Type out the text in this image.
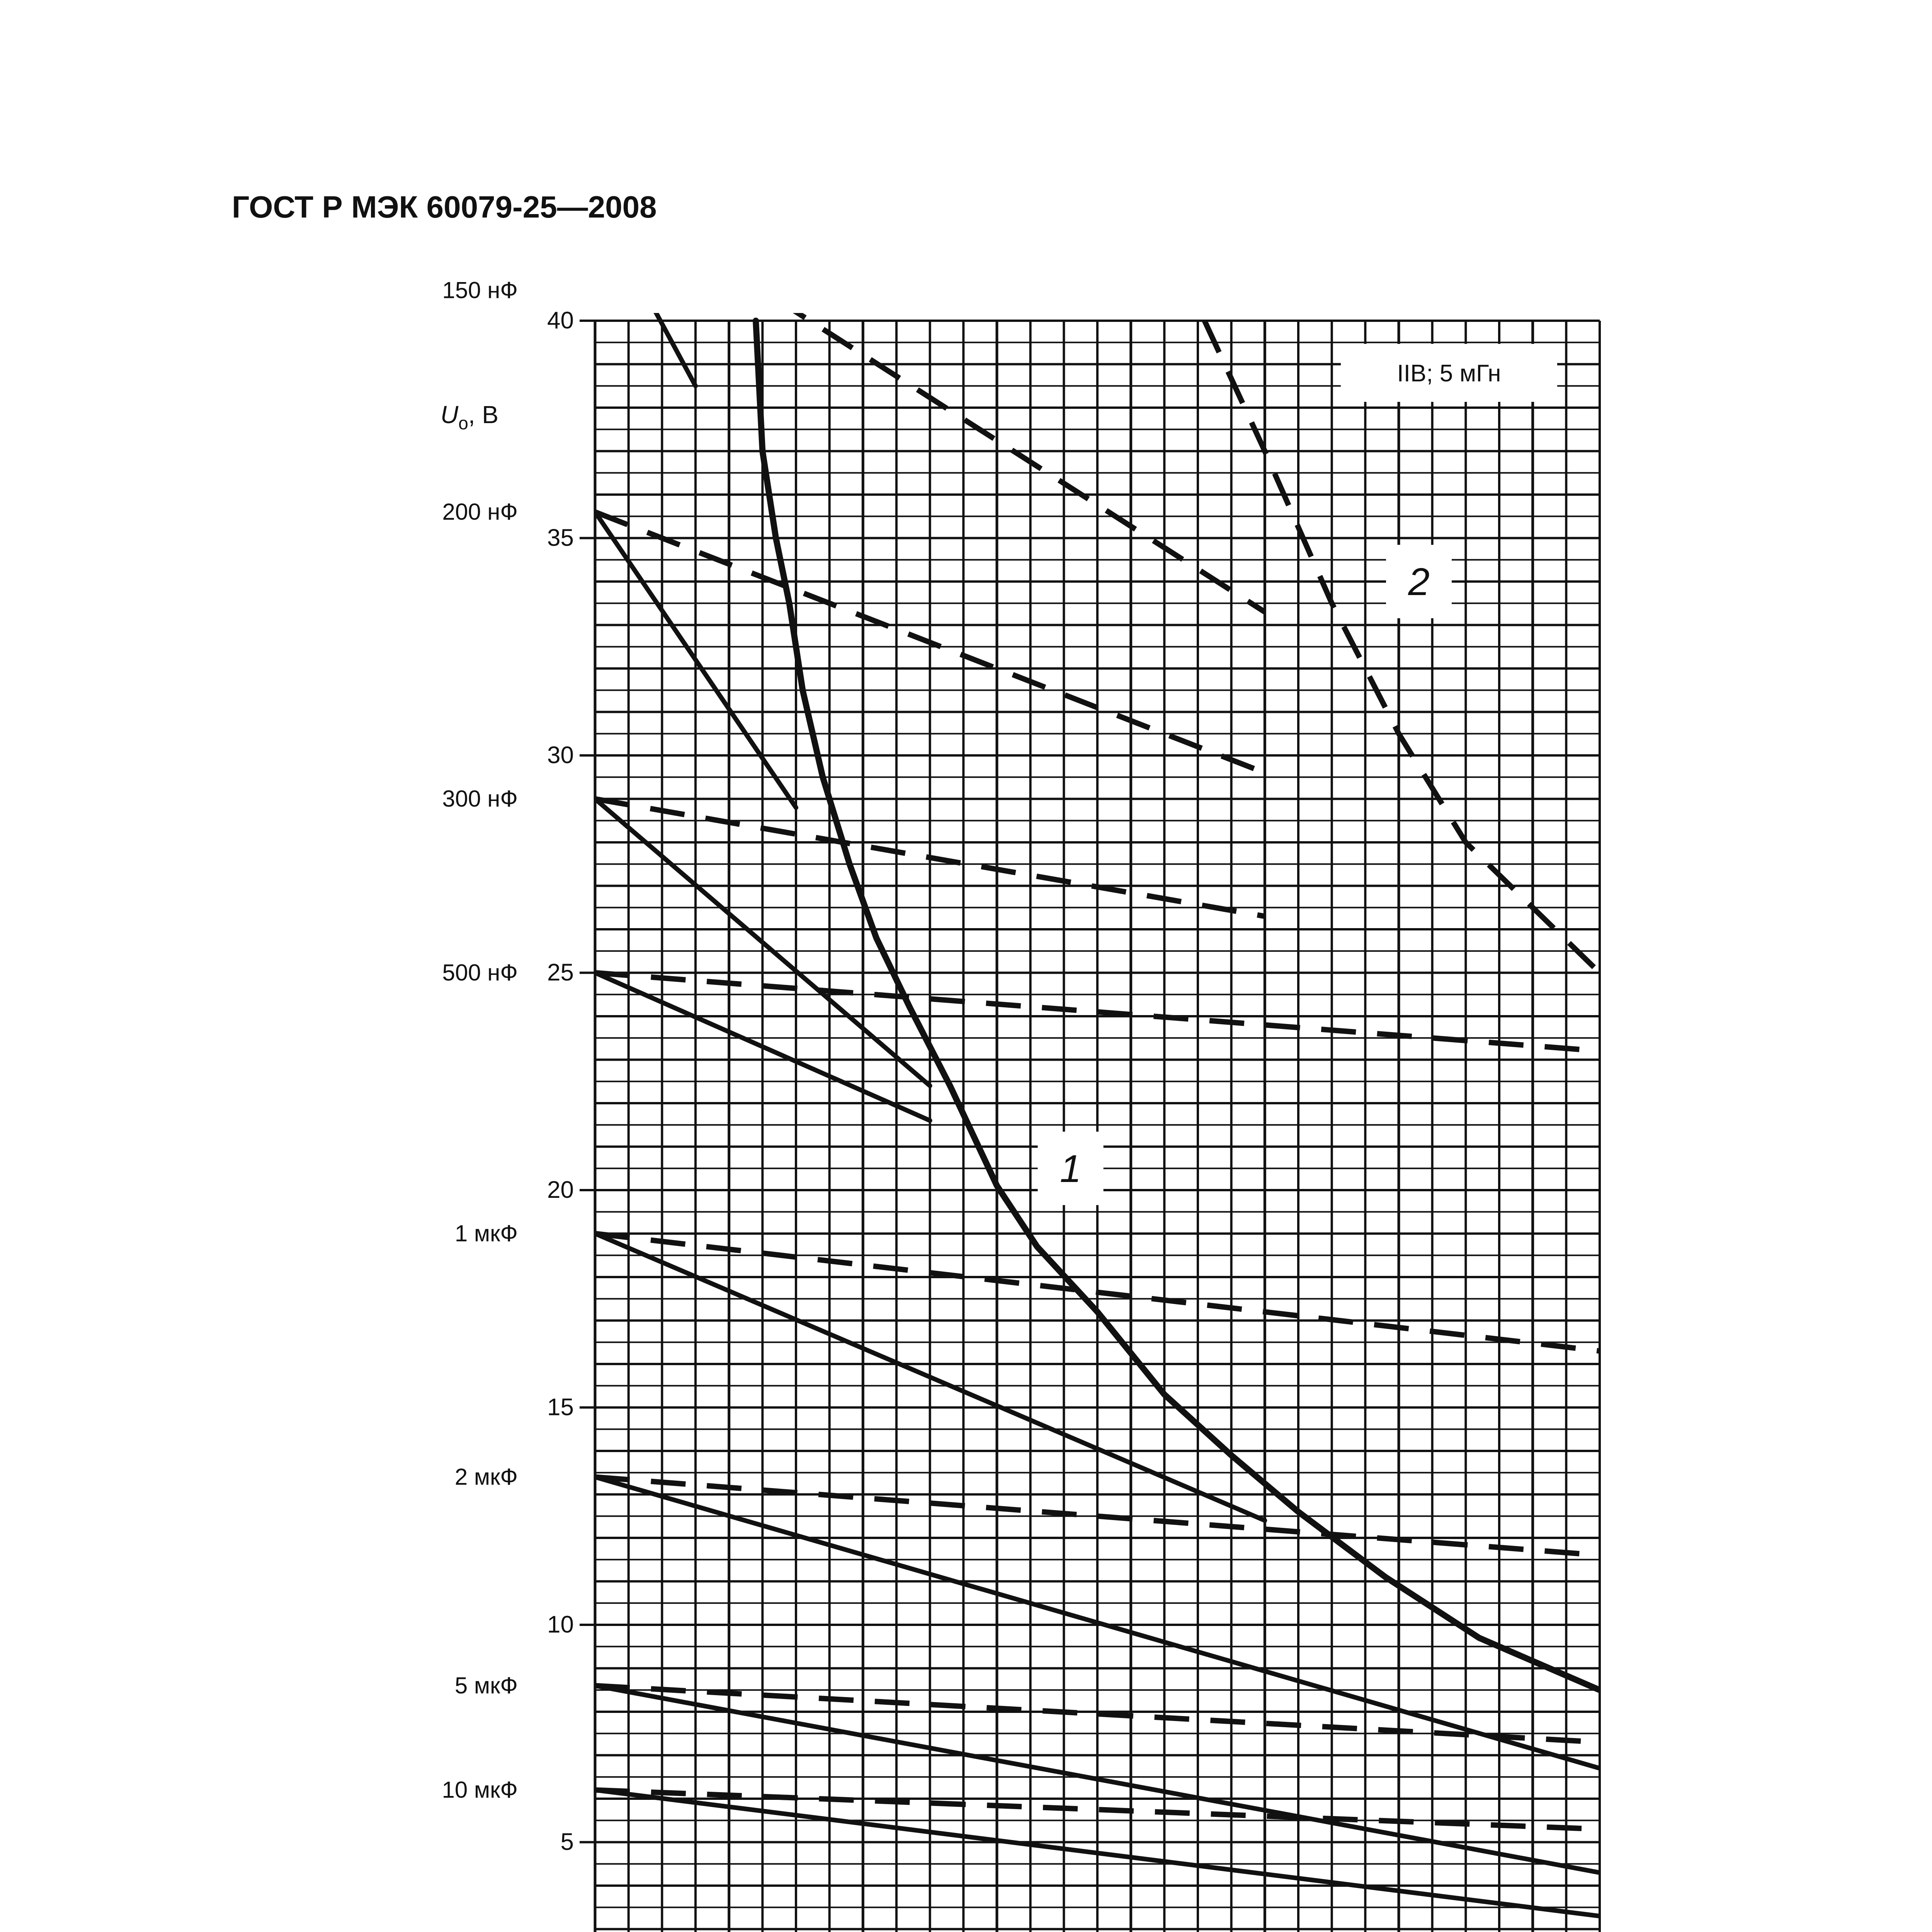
ГОСТ Р МЭК 60079-25—2008
5
10
15
20
25
30
35
40
150 нФ
200 нФ
300 нФ
500 нФ
1 мкФ
2 мкФ
5 мкФ
10 мкФ
$U_o$, В
IIB; 5 мГн
1
2
